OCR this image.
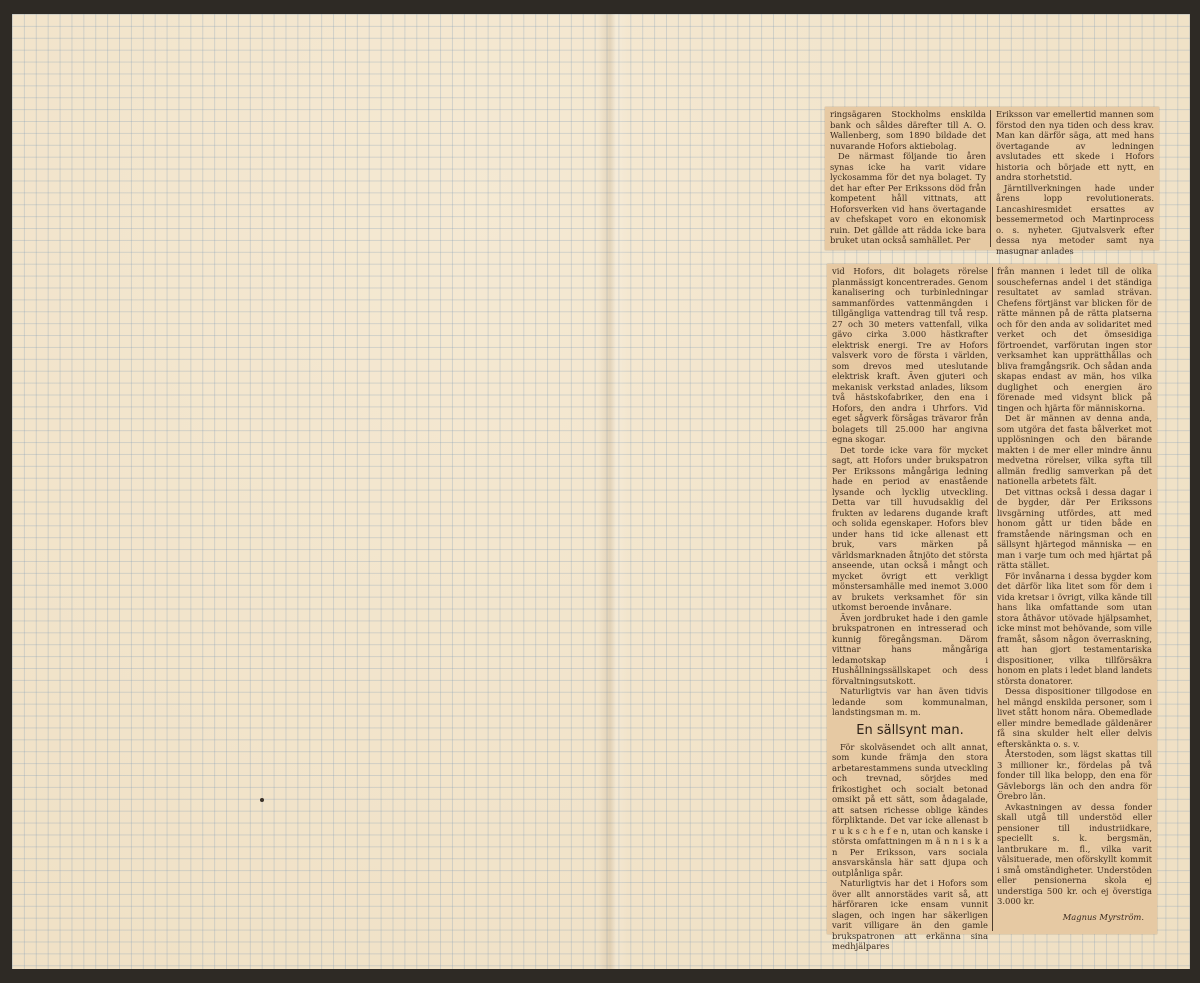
ringsägaren Stockholms enskilda bank och såldes därefter till A. O. Wallenberg, som 1890 bildade det nuvarande Hofors aktiebolag.

De närmast följande tio åren synas icke ha varit vidare lyckosamma för det nya bolaget. Ty det har efter Per Erikssons död från kompetent håll vittnats, att Hoforsverken vid hans övertagande av chefskapet voro en ekonomisk ruin. Det gällde att rädda icke bara bruket utan också samhället. Per

Eriksson var emellertid mannen som förstod den nya tiden och dess krav. Man kan därför säga, att med hans övertagande av ledningen avslutades ett skede i Hofors historia och började ett nytt, en andra storhetstid.

Järntillverkningen hade under årens lopp revolutionerats. Lancashiresmidet ersattes av bessemermetod och Martinprocess o. s. nyheter. Gjutvalsverk efter dessa nya metoder samt nya masugnar anlades

vid Hofors, dit bolagets rörelse planmässigt koncentrerades. Genom kanalisering och turbinledningar sammanfördes vattenmängden i tillgängliga vattendrag till två resp. 27 och 30 meters vattenfall, vilka gävo cirka 3.000 hästkrafter elektrisk energi. Tre av Hofors valsverk voro de första i världen, som drevos med uteslutande elektrisk kraft. Även gjuteri och mekanisk verkstad anlades, liksom två hästskofabriker, den ena i Hofors, den andra i Uhrfors. Vid eget sågverk försågas trävaror från bolagets till 25.000 har angivna egna skogar.

Det torde icke vara för mycket sagt, att Hofors under brukspatron Per Erikssons mångåriga ledning hade en period av enastående lysande och lycklig utveckling. Detta var till huvudsaklig del frukten av ledarens dugande kraft och solida egenskaper. Hofors blev under hans tid icke allenast ett bruk, vars märken på världsmarknaden åtnjöto det största anseende, utan också i mångt och mycket övrigt ett verkligt mönstersamhälle med inemot 3.000 av brukets verksamhet för sin utkomst beroende invånare.

Även jordbruket hade i den gamle brukspatronen en intresserad och kunnig föregångsman. Därom vittnar hans mångåriga ledamotskap i Hushållningssällskapet och dess förvaltningsutskott.

Naturligtvis var han även tidvis ledande som kommunalman, landstingsman m. m.

En sällsynt man.

För skolväsendet och allt annat, som kunde främja den stora arbetarestammens sunda utveckling och trevnad, sörjdes med frikostighet och socialt betonad omsikt på ett sätt, som ådagalade, att satsen richesse oblige kändes förpliktande. Det var icke allenast b r u k s c h e f e n, utan och kanske i största omfattningen m ä n n i s k a n Per Eriksson, vars sociala ansvarskänsla här satt djupa och outplånliga spår.

Naturligtvis har det i Hofors som över allt annorstädes varit så, att härföraren icke ensam vunnit slagen, och ingen har säkerligen varit villigare än den gamle brukspatronen att erkänna sina medhjälpares

från mannen i ledet till de olika souschefernas andel i det ständiga resultatet av samlad strävan. Chefens förtjänst var blicken för de rätte männen på de rätta platserna och för den anda av solidaritet med verket och det ömsesidiga förtroendet, varförutan ingen stor verksamhet kan upprätthållas och bliva framgångsrik. Och sådan anda skapas endast av män, hos vilka duglighet och energien äro förenade med vidsynt blick på tingen och hjärta för människorna.

Det är männen av denna anda, som utgöra det fasta bålverket mot upplösningen och den bärande makten i de mer eller mindre ännu medvetna rörelser, vilka syfta till allmän fredlig samverkan på det nationella arbetets fält.

Det vittnas också i dessa dagar i de bygder, där Per Erikssons livsgärning utfördes, att med honom gått ur tiden både en framstående näringsman och en sällsynt hjärtegod människa — en man i varje tum och med hjärtat på rätta stället.

För invånarna i dessa bygder kom det därför lika litet som för dem i vida kretsar i övrigt, vilka kände till hans lika omfattande som utan stora åthävor utövade hjälpsamhet, icke minst mot behövande, som ville framåt, såsom någon överraskning, att han gjort testamentariska dispositioner, vilka tillförsäkra honom en plats i ledet bland landets största donatorer.

Dessa dispositioner tillgodose en hel mängd enskilda personer, som i livet stått honom nära. Obemedlade eller mindre bemedlade gäldenärer få sina skulder helt eller delvis efterskänkta o. s. v.

Återstoden, som lägst skattas till 3 millioner kr., fördelas på två fonder till lika belopp, den ena för Gävleborgs län och den andra för Örebro län.

Avkastningen av dessa fonder skall utgå till understöd eller pensioner till industriidkare, speciellt s. k. bergsmän, lantbrukare m. fl., vilka varit välsituerade, men oförskyllt kommit i små omständigheter. Understöden eller pensionerna skola ej understiga 500 kr. och ej överstiga 3.000 kr.

Magnus Myrström.
